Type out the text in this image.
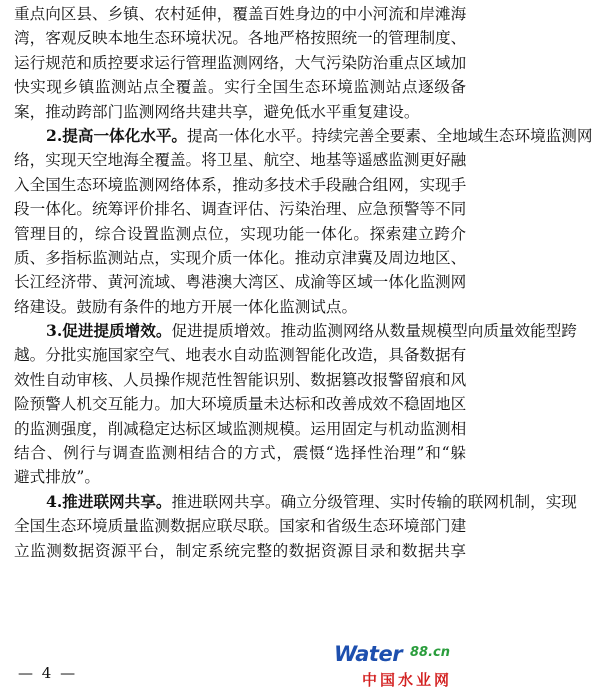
重点向区县、乡镇、农村延伸，覆盖百姓身边的中小河流和岸滩海
湾，客观反映本地生态环境状况。各地严格按照统一的管理制度、
运行规范和质控要求运行管理监测网络，大气污染防治重点区域加
快实现乡镇监测站点全覆盖。实行全国生态环境监测站点逐级备
案，推动跨部门监测网络共建共享，避免低水平重复建设。
2.提高一体化水平。提高一体化水平。持续完善全要素、全地域生态环境监测网
络，实现天空地海全覆盖。将卫星、航空、地基等遥感监测更好融
入全国生态环境监测网络体系，推动多技术手段融合组网，实现手
段一体化。统筹评价排名、调查评估、污染治理、应急预警等不同
管理目的，综合设置监测点位，实现功能一体化。探索建立跨介
质、多指标监测站点，实现介质一体化。推动京津冀及周边地区、
长江经济带、黄河流域、粤港澳大湾区、成渝等区域一体化监测网
络建设。鼓励有条件的地方开展一体化监测试点。
3.促进提质增效。促进提质增效。推动监测网络从数量规模型向质量效能型跨
越。分批实施国家空气、地表水自动监测智能化改造，具备数据有
效性自动审核、人员操作规范性智能识别、数据篡改报警留痕和风
险预警人机交互能力。加大环境质量未达标和改善成效不稳固地区
的监测强度，削减稳定达标区域监测规模。运用固定与机动监测相
结合、例行与调查监测相结合的方式，震慑“选择性治理”和“躲
避式排放”。
4.推进联网共享。推进联网共享。确立分级管理、实时传输的联网机制，实现
全国生态环境质量监测数据应联尽联。国家和省级生态环境部门建
立监测数据资源平台，制定系统完整的数据资源目录和数据共享
— 4 —
Water 88.cn
中国水业网
